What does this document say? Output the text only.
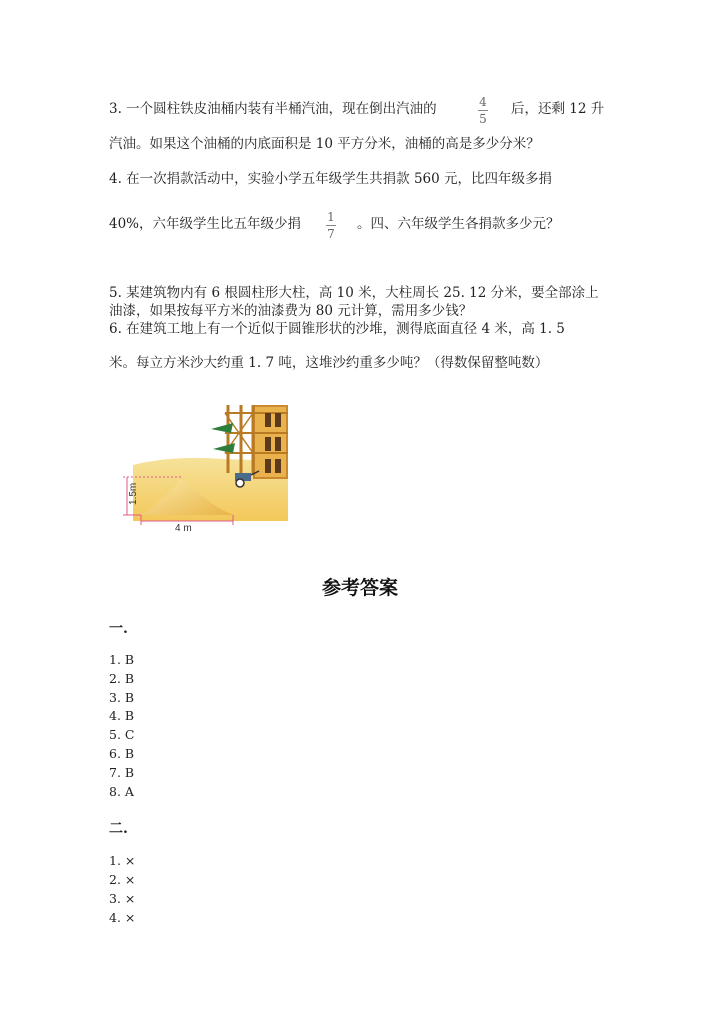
3. 一个圆柱铁皮油桶内装有半桶汽油，现在倒出汽油的	4
5
后，还剩 12 升
汽油。如果这个油桶的内底面积是 10 平方分米，油桶的高是多少分米？
4. 在一次捐款活动中，实验小学五年级学生共捐款 560 元，比四年级多捐
40%，六年级学生比五年级少捐 1
7
。四、六年级学生各捐款多少元？
5. 某建筑物内有 6 根圆柱形大柱，高 10 米，大柱周长 25. 12 分米，要全部涂上
油漆，如果按每平方米的油漆费为 80 元计算，需用多少钱？
6. 在建筑工地上有一个近似于圆锥形状的沙堆，测得底面直径 4 米，高 1. 5
米。每立方米沙大约重 1. 7 吨，这堆沙约重多少吨？（得数保留整吨数）
1.5m
4 m
参考答案
一.
1. B
2. B
3. B
4. B
5. C
6. B
7. B
8. A
二.
1. ×
2. ×
3. ×
4. ×
